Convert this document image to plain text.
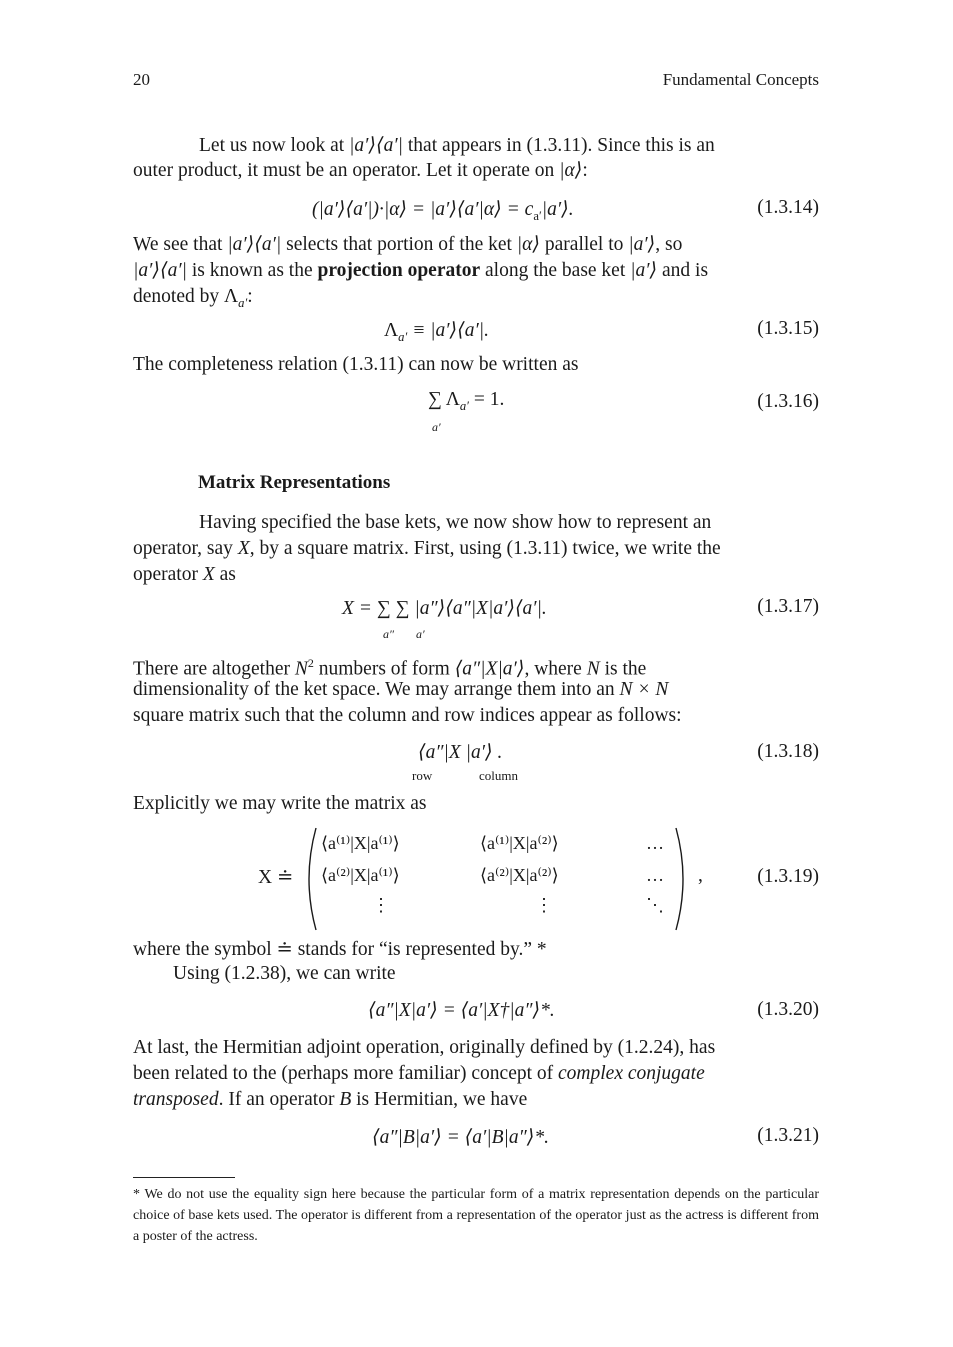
20	Fundamental Concepts
Let us now look at |a′⟩⟨a′| that appears in (1.3.11). Since this is an
outer product, it must be an operator. Let it operate on |α⟩:
(|a′⟩⟨a′|)·|α⟩ = |a′⟩⟨a′|α⟩ = $c_{a'}|a'⟩$.	(1.3.14)
We see that |a′⟩⟨a′| selects that portion of the ket |α⟩ parallel to |a′⟩, so
|a′⟩⟨a′| is known as the projection operator along the base ket |a′⟩ and is
denoted by $\Lambda_{a'}$:
$\Lambda_{a'}$ ≡ |a′⟩⟨a′|.	(1.3.15)
The completeness relation (1.3.11) can now be written as
∑ $\Lambda_{a'} = 1$.
a′
(1.3.16)
Matrix Representations
Having specified the base kets, we now show how to represent an
operator, say X, by a square matrix. First, using (1.3.11) twice, we write the
operator X as
X = ∑ ∑ |a″⟩⟨a″|X|a′⟩⟨a′|.
a″ a′
(1.3.17)
There are altogether $N^2$ numbers of form ⟨a″|X|a′⟩, where N is the
dimensionality of the ket space. We may arrange them into an N × N
square matrix such that the column and row indices appear as follows:
⟨a″|X |a′⟩ .
row	column
(1.3.18)
Explicitly we may write the matrix as
X ≐
⟨a⁽¹⁾|X|a⁽¹⁾⟩	⟨a⁽¹⁾|X|a⁽²⁾⟩	…
⟨a⁽²⁾|X|a⁽¹⁾⟩	⟨a⁽²⁾|X|a⁽²⁾⟩	…
⋮	⋮	⋱
,	(1.3.19)
where the symbol ≐ stands for “is represented by.” *
Using (1.2.38), we can write
⟨a″|X|a′⟩ = ⟨a′|X†|a″⟩*.	(1.3.20)
At last, the Hermitian adjoint operation, originally defined by (1.2.24), has
been related to the (perhaps more familiar) concept of complex conjugate
transposed. If an operator B is Hermitian, we have
⟨a″|B|a′⟩ = ⟨a′|B|a″⟩*.	(1.3.21)
* We do not use the equality sign here because the particular form of a matrix representation depends on the particular choice of base kets used. The operator is different from a representation of the operator just as the actress is different from a poster of the actress.
